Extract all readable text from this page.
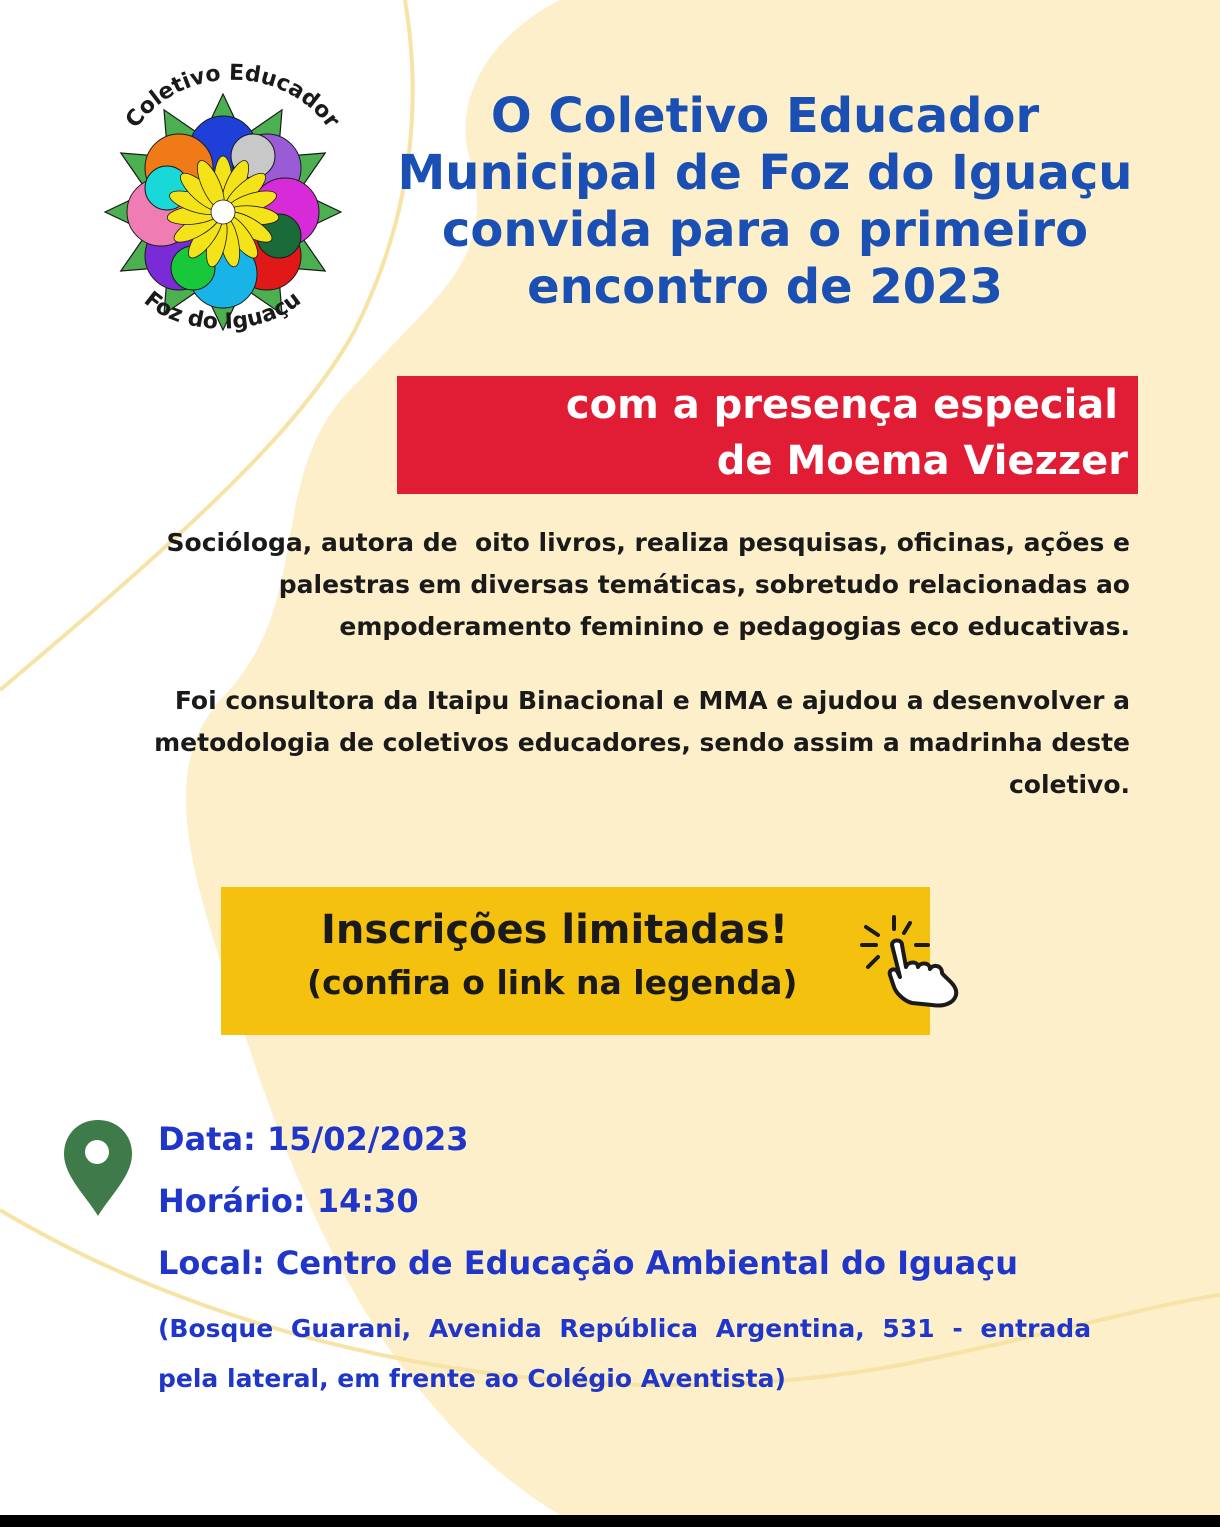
Coletivo Educador
Foz do Iguaçu
O Coletivo Educador
Municipal de Foz do Iguaçu
convida para o primeiro
encontro de 2023
com a presença especial
de Moema Viezzer

Socióloga, autora de  oito livros, realiza pesquisas, oficinas, ações e
palestras em diversas temáticas, sobretudo relacionadas ao
empoderamento feminino e pedagogias eco educativas.

Foi consultora da Itaipu Binacional e MMA e ajudou a desenvolver a
metodologia de coletivos educadores, sendo assim a madrinha deste
coletivo.

Inscrições limitadas!
(confira o link na legenda)

Data: 15/02/2023

Horário: 14:30

Local: Centro de Educação Ambiental do Iguaçu

(Bosque Guarani, Avenida República Argentina, 531 - entrada
pela lateral, em frente ao Colégio Aventista)
